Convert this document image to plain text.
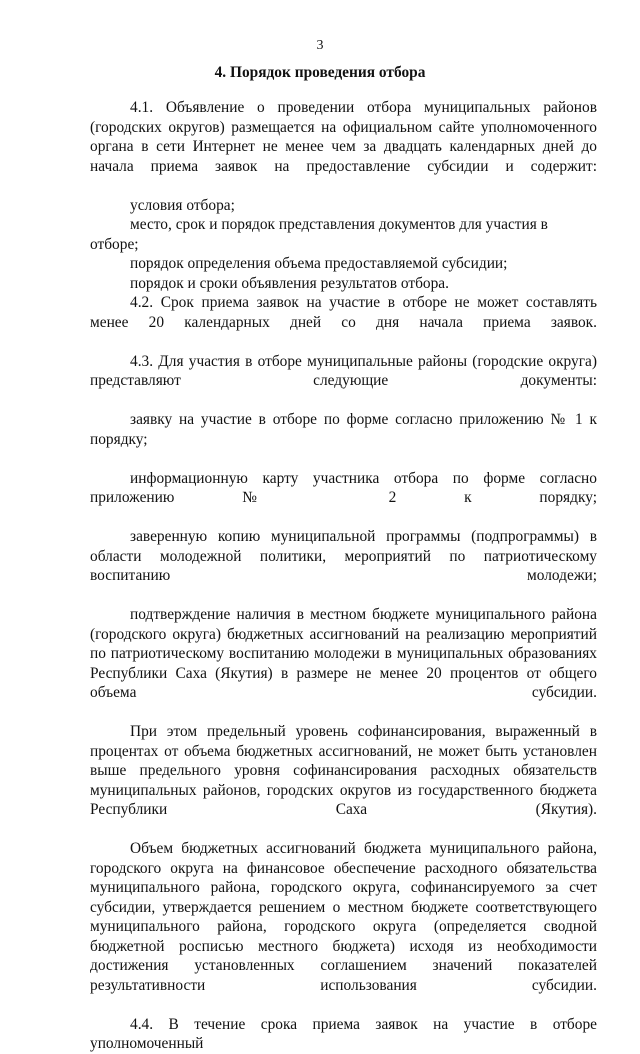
3
4. Порядок проведения отбора

4.1. Объявление о проведении отбора муниципальных районов (городских округов) размещается на официальном сайте уполномоченного органа в сети Интернет не менее чем за двадцать календарных дней до начала приема заявок на предоставление субсидии и содержит:

условия отбора;

место, срок и порядок представления документов для участия в отборе;

порядок определения объема предоставляемой субсидии;

порядок и сроки объявления результатов отбора.

4.2. Срок приема заявок на участие в отборе не может составлять менее 20 календарных дней со дня начала приема заявок.

4.3. Для участия в отборе муниципальные районы (городские округа) представляют следующие документы:

заявку на участие в отборе по форме согласно приложению № 1 к порядку;

информационную карту участника отбора по форме согласно приложению № 2 к порядку;

заверенную копию муниципальной программы (подпрограммы) в области молодежной политики, мероприятий по патриотическому воспитанию молодежи;

подтверждение наличия в местном бюджете муниципального района (городского округа) бюджетных ассигнований на реализацию мероприятий по патриотическому воспитанию молодежи в муниципальных образованиях Республики Саха (Якутия) в размере не менее 20 процентов от общего объема субсидии.

При этом предельный уровень софинансирования, выраженный в процентах от объема бюджетных ассигнований, не может быть установлен выше предельного уровня софинансирования расходных обязательств муниципальных районов, городских округов из государственного бюджета Республики Саха (Якутия).

Объем бюджетных ассигнований бюджета муниципального района, городского округа на финансовое обеспечение расходного обязательства муниципального района, городского округа, софинансируемого за счет субсидии, утверждается решением о местном бюджете соответствующего муниципального района, городского округа (определяется сводной бюджетной росписью местного бюджета) исходя из необходимости достижения установленных соглашением значений показателей результативности использования субсидии.

4.4. В течение срока приема заявок на участие в отборе уполномоченный
